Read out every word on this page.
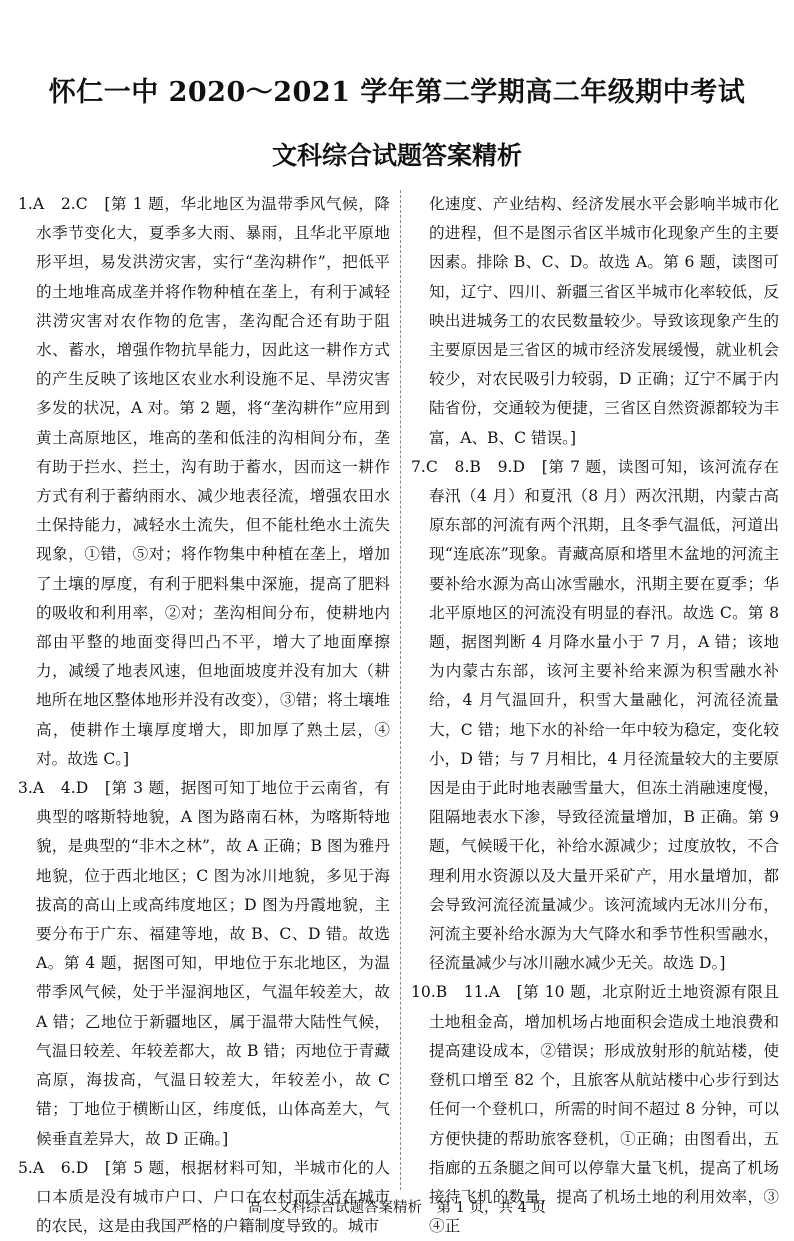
怀仁一中 2020～2021 学年第二学期高二年级期中考试
文科综合试题答案精析

1.A　2.C　[第 1 题，华北地区为温带季风气候，降水季节变化大，夏季多大雨、暴雨，且华北平原地形平坦，易发洪涝灾害，实行“垄沟耕作”，把低平的土地堆高成垄并将作物种植在垄上，有利于减轻洪涝灾害对农作物的危害，垄沟配合还有助于阻水、蓄水，增强作物抗旱能力，因此这一耕作方式的产生反映了该地区农业水利设施不足、旱涝灾害多发的状况，A 对。第 2 题，将“垄沟耕作”应用到黄土高原地区，堆高的垄和低洼的沟相间分布，垄有助于拦水、拦土，沟有助于蓄水，因而这一耕作方式有利于蓄纳雨水、减少地表径流，增强农田水土保持能力，减轻水土流失，但不能杜绝水土流失现象，①错，⑤对；将作物集中种植在垄上，增加了土壤的厚度，有利于肥料集中深施，提高了肥料的吸收和利用率，②对；垄沟相间分布，使耕地内部由平整的地面变得凹凸不平，增大了地面摩擦力，减缓了地表风速，但地面坡度并没有加大（耕地所在地区整体地形并没有改变），③错；将土壤堆高，使耕作土壤厚度增大，即加厚了熟土层，④对。故选 C。]

3.A　4.D　[第 3 题，据图可知丁地位于云南省，有典型的喀斯特地貌，A 图为路南石林，为喀斯特地貌，是典型的“非木之林”，故 A 正确；B 图为雅丹地貌，位于西北地区；C 图为冰川地貌，多见于海拔高的高山上或高纬度地区；D 图为丹霞地貌，主要分布于广东、福建等地，故 B、C、D 错。故选 A。第 4 题，据图可知，甲地位于东北地区，为温带季风气候，处于半湿润地区，气温年较差大，故 A 错；乙地位于新疆地区，属于温带大陆性气候，气温日较差、年较差都大，故 B 错；丙地位于青藏高原，海拔高，气温日较差大，年较差小，故 C 错；丁地位于横断山区，纬度低，山体高差大，气候垂直差异大，故 D 正确。]

5.A　6.D　[第 5 题，根据材料可知，半城市化的人口本质是没有城市户口、户口在农村而生活在城市的农民，这是由我国严格的户籍制度导致的。城市

化速度、产业结构、经济发展水平会影响半城市化的进程，但不是图示省区半城市化现象产生的主要因素。排除 B、C、D。故选 A。第 6 题，读图可知，辽宁、四川、新疆三省区半城市化率较低，反映出进城务工的农民数量较少。导致该现象产生的主要原因是三省区的城市经济发展缓慢，就业机会较少，对农民吸引力较弱，D 正确；辽宁不属于内陆省份，交通较为便捷，三省区自然资源都较为丰富，A、B、C 错误。]

7.C　8.B　9.D　[第 7 题，读图可知，该河流存在春汛（4 月）和夏汛（8 月）两次汛期，内蒙古高原东部的河流有两个汛期，且冬季气温低，河道出现“连底冻”现象。青藏高原和塔里木盆地的河流主要补给水源为高山冰雪融水，汛期主要在夏季；华北平原地区的河流没有明显的春汛。故选 C。第 8 题，据图判断 4 月降水量小于 7 月，A 错；该地为内蒙古东部，该河主要补给来源为积雪融水补给，4 月气温回升，积雪大量融化，河流径流量大，C 错；地下水的补给一年中较为稳定，变化较小，D 错；与 7 月相比，4 月径流量较大的主要原因是由于此时地表融雪量大，但冻土消融速度慢，阻隔地表水下渗，导致径流量增加，B 正确。第 9 题，气候暖干化，补给水源减少；过度放牧，不合理利用水资源以及大量开采矿产，用水量增加，都会导致河流径流量减少。该河流域内无冰川分布，河流主要补给水源为大气降水和季节性积雪融水，径流量减少与冰川融水减少无关。故选 D。]

10.B　11.A　[第 10 题，北京附近土地资源有限且土地租金高，增加机场占地面积会造成土地浪费和提高建设成本，②错误；形成放射形的航站楼，使登机口增至 82 个，且旅客从航站楼中心步行到达任何一个登机口，所需的时间不超过 8 分钟，可以方便快捷的帮助旅客登机，①正确；由图看出，五指廊的五条腿之间可以停靠大量飞机，提高了机场接待飞机的数量，提高了机场土地的利用效率，③④正

高二文科综合试题答案精析　第 1 页，共 4 页
